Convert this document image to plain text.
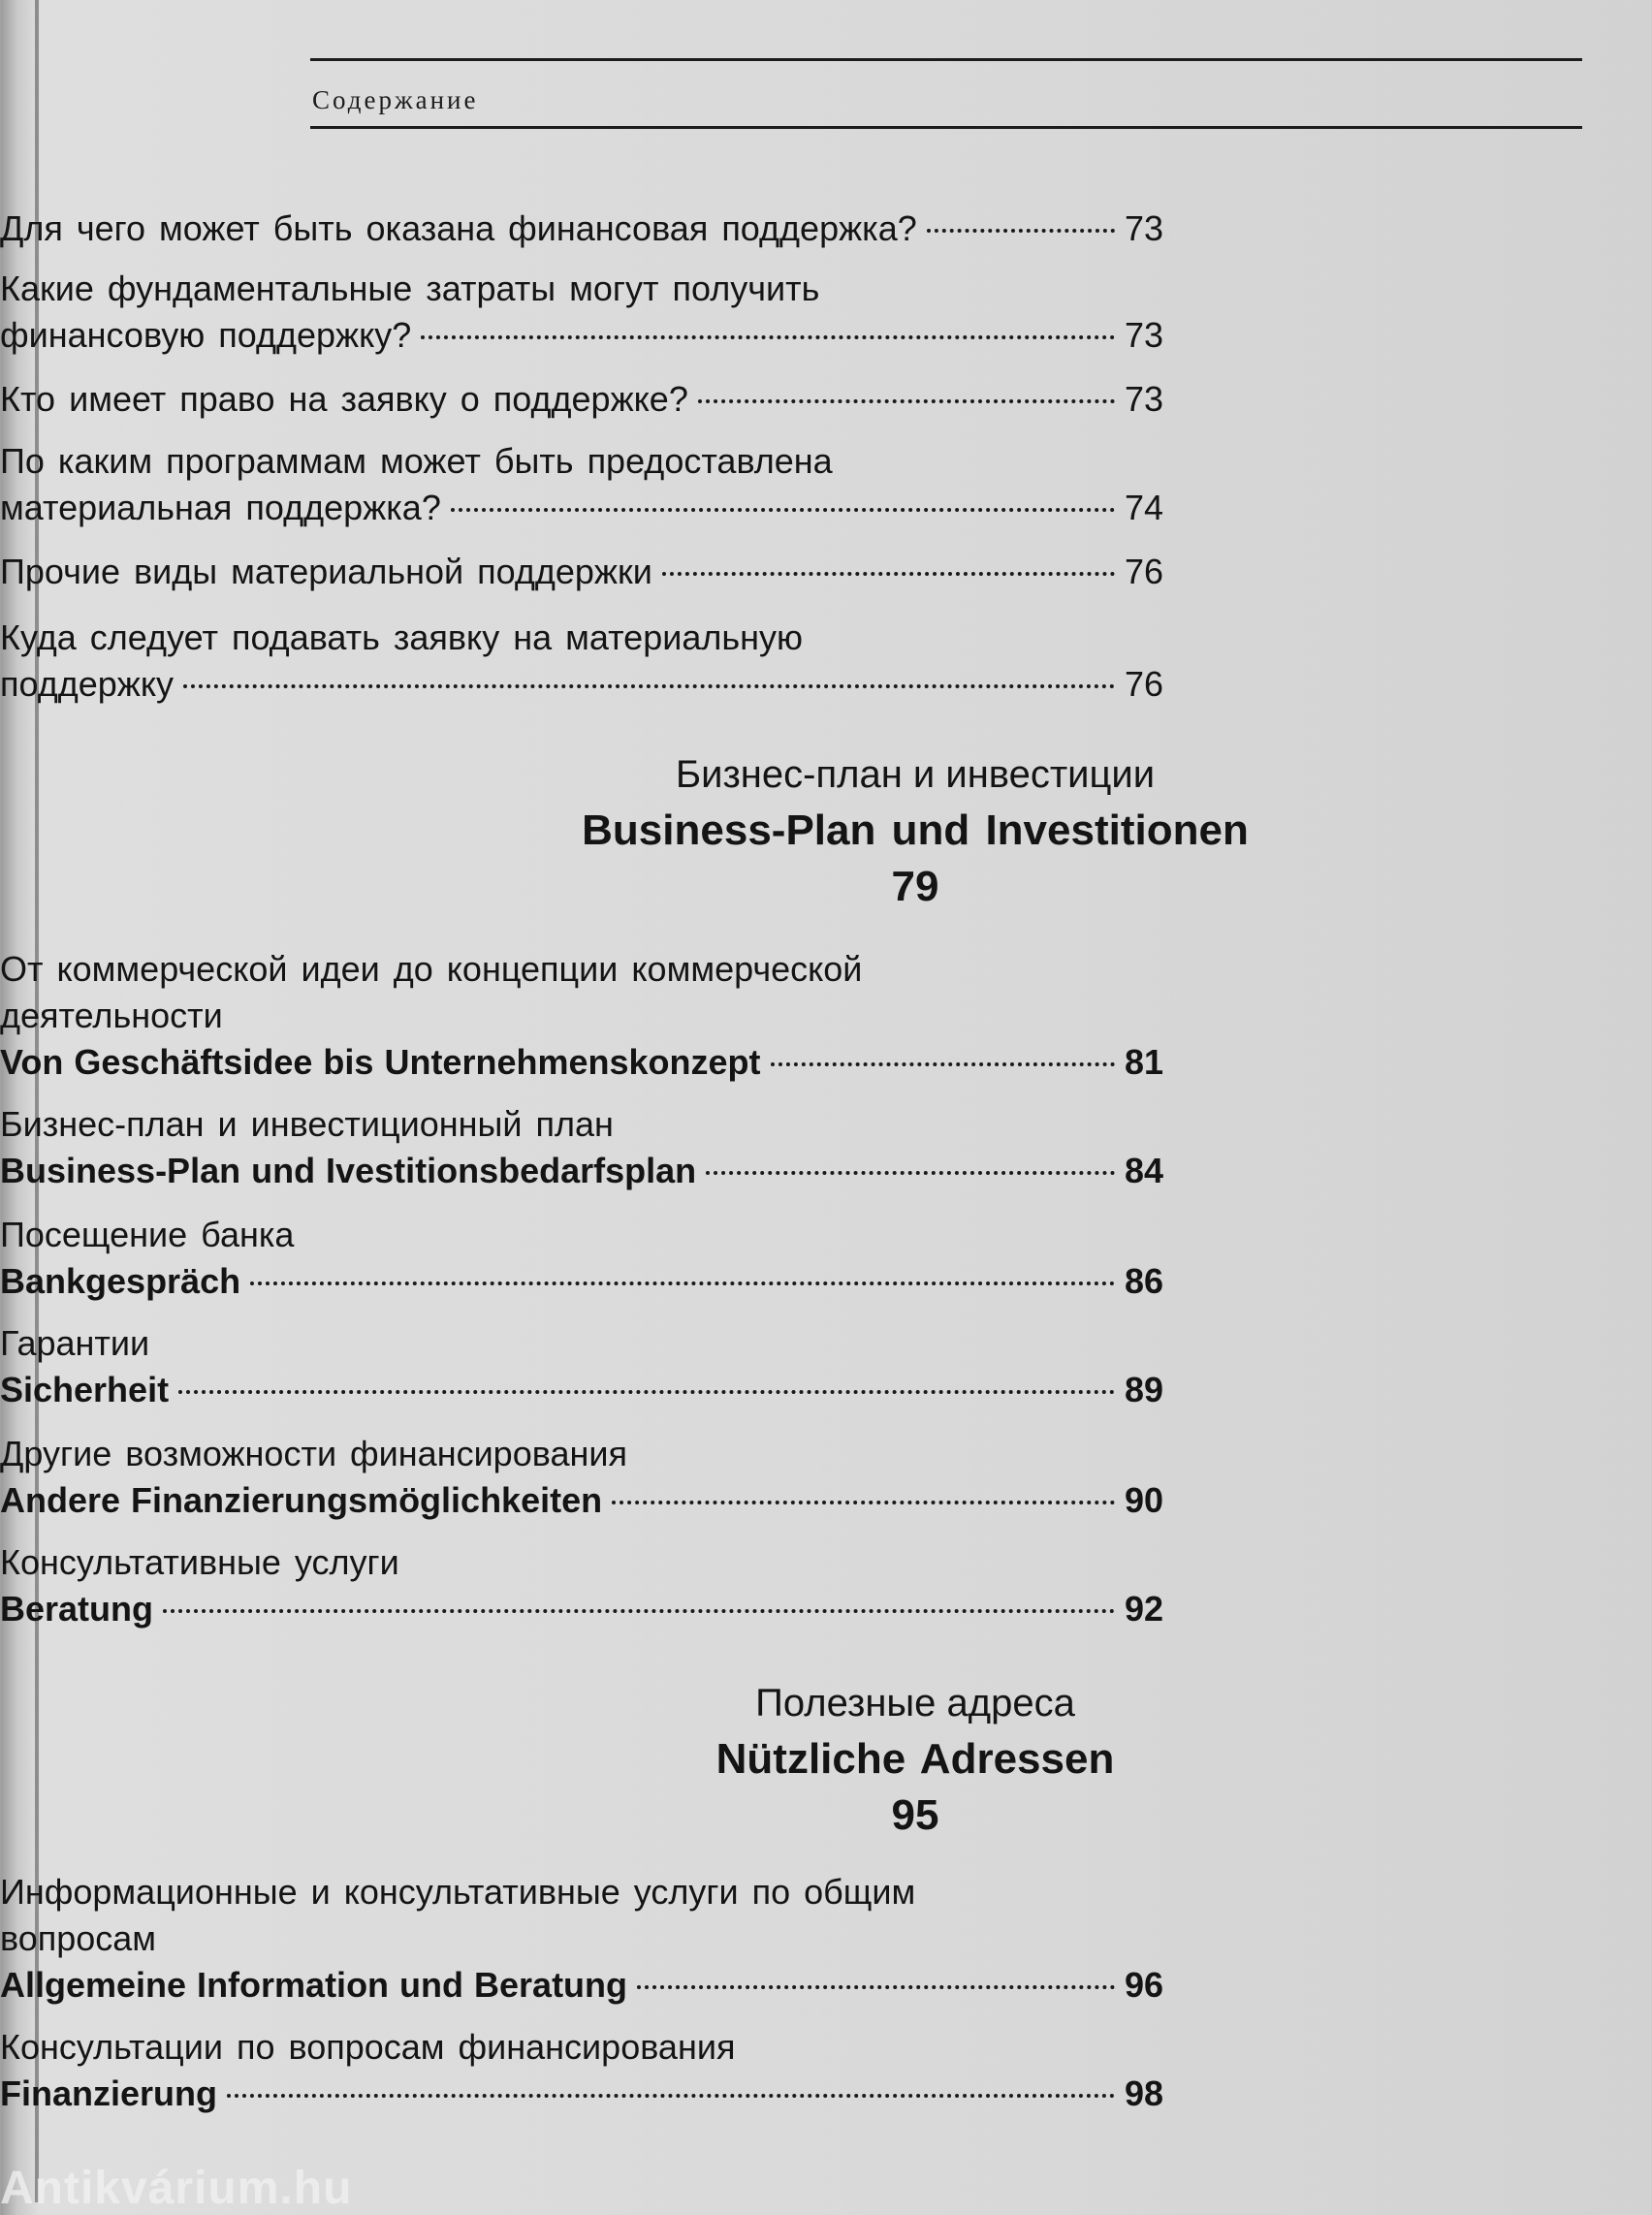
Содержание
Для чего может быть оказана финансовая поддержка?	73
Какие фундаментальные затраты могут получить
финансовую поддержку?	73
Кто имеет право на заявку о поддержке?	73
По каким программам может быть предоставлена
материальная поддержка?	74
Прочие виды материальной поддержки	76
Куда следует подавать заявку на материальную
поддержку	76
Бизнес-план и инвестиции
Business-Plan und Investitionen
79
От коммерческой идеи до концепции коммерческой
деятельности
Von Geschäftsidee bis Unternehmenskonzept	81
Бизнес-план и инвестиционный план
Business-Plan und Ivestitionsbedarfsplan	84
Посещение банка
Bankgespräch	86
Гарантии
Sicherheit	89
Другие возможности финансирования
Andere Finanzierungsmöglichkeiten	90
Консультативные услуги
Beratung	92
Полезные адреса
Nützliche Adressen
95
Информационные и консультативные услуги по общим
вопросам
Allgemeine Information und Beratung	96
Консультации по вопросам финансирования
Finanzierung	98
Antikvárium.hu
